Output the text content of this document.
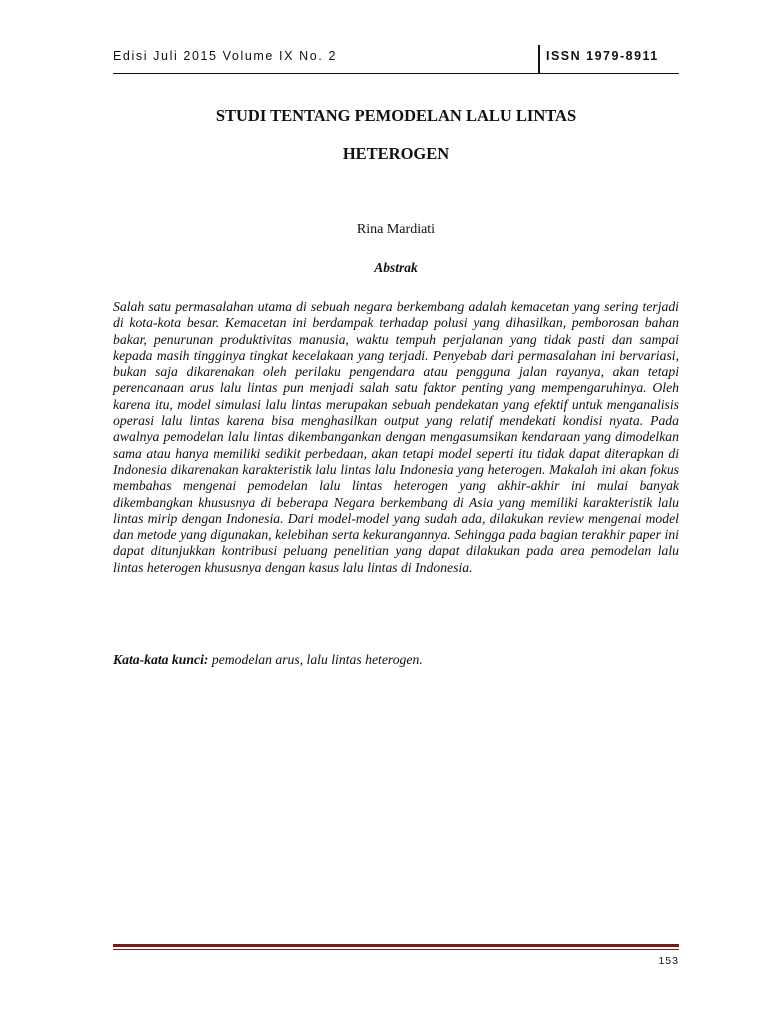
Edisi Juli 2015 Volume IX No. 2	ISSN 1979-8911
STUDI TENTANG PEMODELAN LALU LINTAS
HETEROGEN
Rina Mardiati
Abstrak

Salah satu permasalahan utama di sebuah negara berkembang adalah kemacetan yang sering terjadi di kota-kota besar. Kemacetan ini berdampak terhadap polusi yang dihasilkan, pemborosan bahan bakar, penurunan produktivitas manusia, waktu tempuh perjalanan yang tidak pasti dan sampai kepada masih tingginya tingkat kecelakaan yang terjadi. Penyebab dari permasalahan ini bervariasi, bukan saja dikarenakan oleh perilaku pengendara atau pengguna jalan rayanya, akan tetapi perencanaan arus lalu lintas pun menjadi salah satu faktor penting yang mempengaruhinya. Oleh karena itu, model simulasi lalu lintas merupakan sebuah pendekatan yang efektif untuk menganalisis operasi lalu lintas karena bisa menghasilkan output yang relatif mendekati kondisi nyata. Pada awalnya pemodelan lalu lintas dikembangankan dengan mengasumsikan kendaraan yang dimodelkan sama atau hanya memiliki sedikit perbedaan, akan tetapi model seperti itu tidak dapat diterapkan di Indonesia dikarenakan karakteristik lalu lintas lalu Indonesia yang heterogen. Makalah ini akan fokus membahas mengenai pemodelan lalu lintas heterogen yang akhir-akhir ini mulai banyak dikembangkan khususnya di beberapa Negara berkembang di Asia yang memiliki karakteristik lalu lintas mirip dengan Indonesia. Dari model-model yang sudah ada, dilakukan review mengenai model dan metode yang digunakan, kelebihan serta kekurangannya. Sehingga pada bagian terakhir paper ini dapat ditunjukkan kontribusi peluang penelitian yang dapat dilakukan pada area pemodelan lalu lintas heterogen khususnya dengan kasus lalu lintas di Indonesia.

Kata-kata kunci: pemodelan arus, lalu lintas heterogen.

153
